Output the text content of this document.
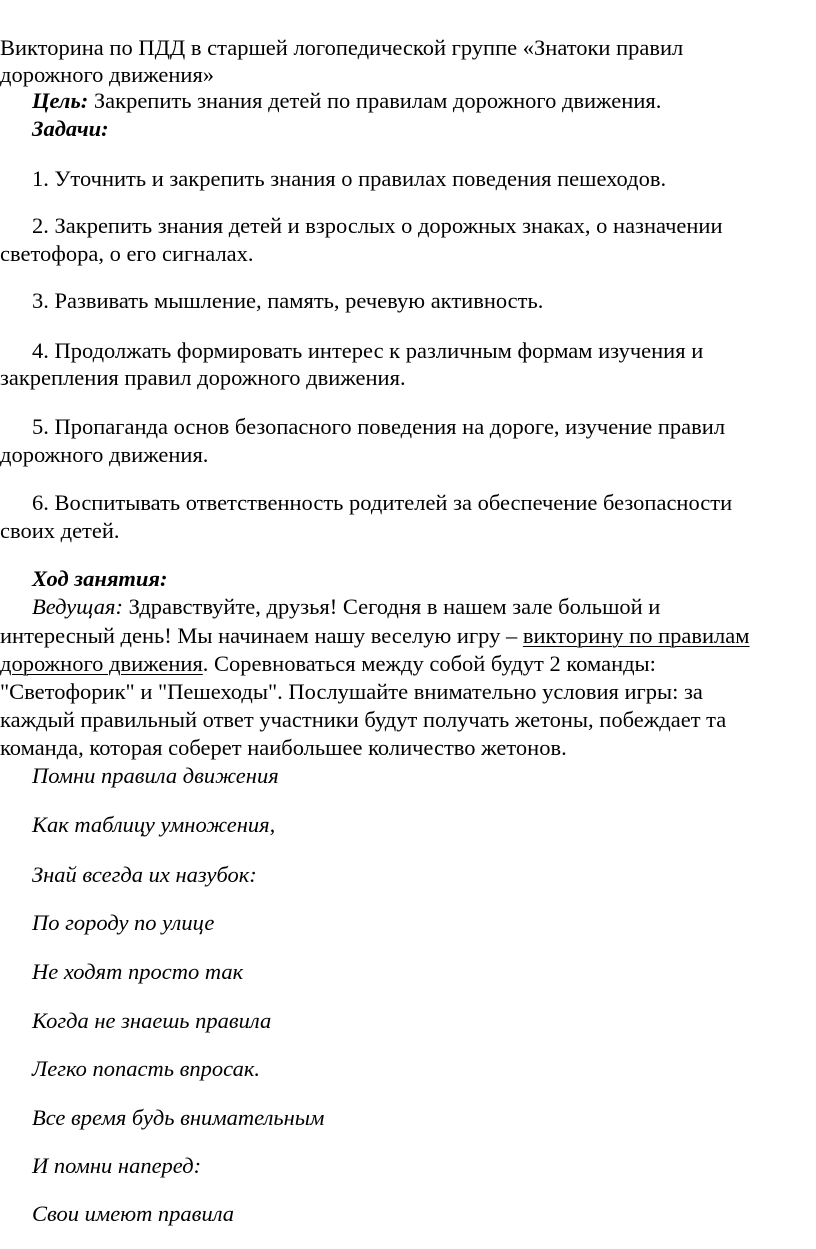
Викторина по ПДД в старшей логопедической группе «Знатоки правил
дорожного движения»
Цель: Закрепить знания детей по правилам дорожного движения.
Задачи:
1. Уточнить и закрепить знания о правилах поведения пешеходов.
2. Закрепить знания детей и взрослых о дорожных знаках, о назначении
светофора, о его сигналах.
3. Развивать мышление, память, речевую активность.
4. Продолжать формировать интерес к различным формам изучения и
закрепления правил дорожного движения.
5. Пропаганда основ безопасного поведения на дороге, изучение правил
дорожного движения.
6. Воспитывать ответственность родителей за обеспечение безопасности
своих детей.
Ход занятия:
Ведущая: Здравствуйте, друзья! Сегодня в нашем зале большой и
интересный день! Мы начинаем нашу веселую игру – викторину по правилам
дорожного движения. Соревноваться между собой будут 2 команды:
"Светофорик" и "Пешеходы". Послушайте внимательно условия игры: за
каждый правильный ответ участники будут получать жетоны, побеждает та
команда, которая соберет наибольшее количество жетонов.
Помни правила движения
Как таблицу умножения,
Знай всегда их назубок:
По городу по улице
Не ходят просто так
Когда не знаешь правила
Легко попасть впросак.
Все время будь внимательным
И помни наперед:
Свои имеют правила
